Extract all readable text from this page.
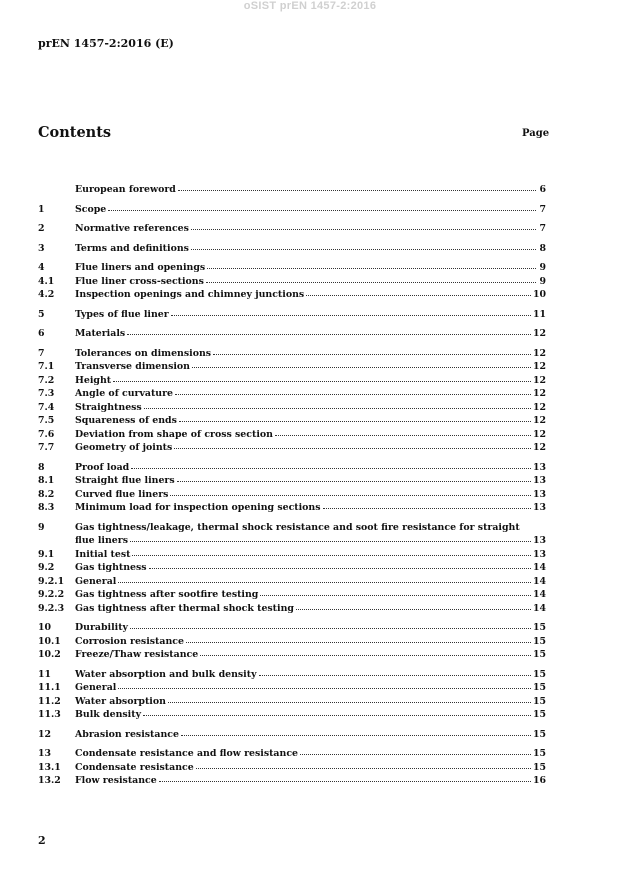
oSIST prEN 1457-2:2016
prEN 1457-2:2016 (E)
Contents	Page
European foreword	6
1	Scope	7
2	Normative references	7
3	Terms and definitions	8
4	Flue liners and openings	9
4.1	Flue liner cross-sections	9
4.2	Inspection openings and chimney junctions	10
5	Types of flue liner	11
6	Materials	12
7	Tolerances on dimensions	12
7.1	Transverse dimension	12
7.2	Height	12
7.3	Angle of curvature	12
7.4	Straightness	12
7.5	Squareness of ends	12
7.6	Deviation from shape of cross section	12
7.7	Geometry of joints	12
8	Proof load	13
8.1	Straight flue liners	13
8.2	Curved flue liners	13
8.3	Minimum load for inspection opening sections	13
9	Gas tightness/leakage, thermal shock resistance and soot fire resistance for straight
flue liners	13
9.1	Initial test	13
9.2	Gas tightness	14
9.2.1	General	14
9.2.2	Gas tightness after sootfire testing	14
9.2.3	Gas tightness after thermal shock testing	14
10	Durability	15
10.1	Corrosion resistance	15
10.2	Freeze/Thaw resistance	15
11	Water absorption and bulk density	15
11.1	General	15
11.2	Water absorption	15
11.3	Bulk density	15
12	Abrasion resistance	15
13	Condensate resistance and flow resistance	15
13.1	Condensate resistance	15
13.2	Flow resistance	16
2
